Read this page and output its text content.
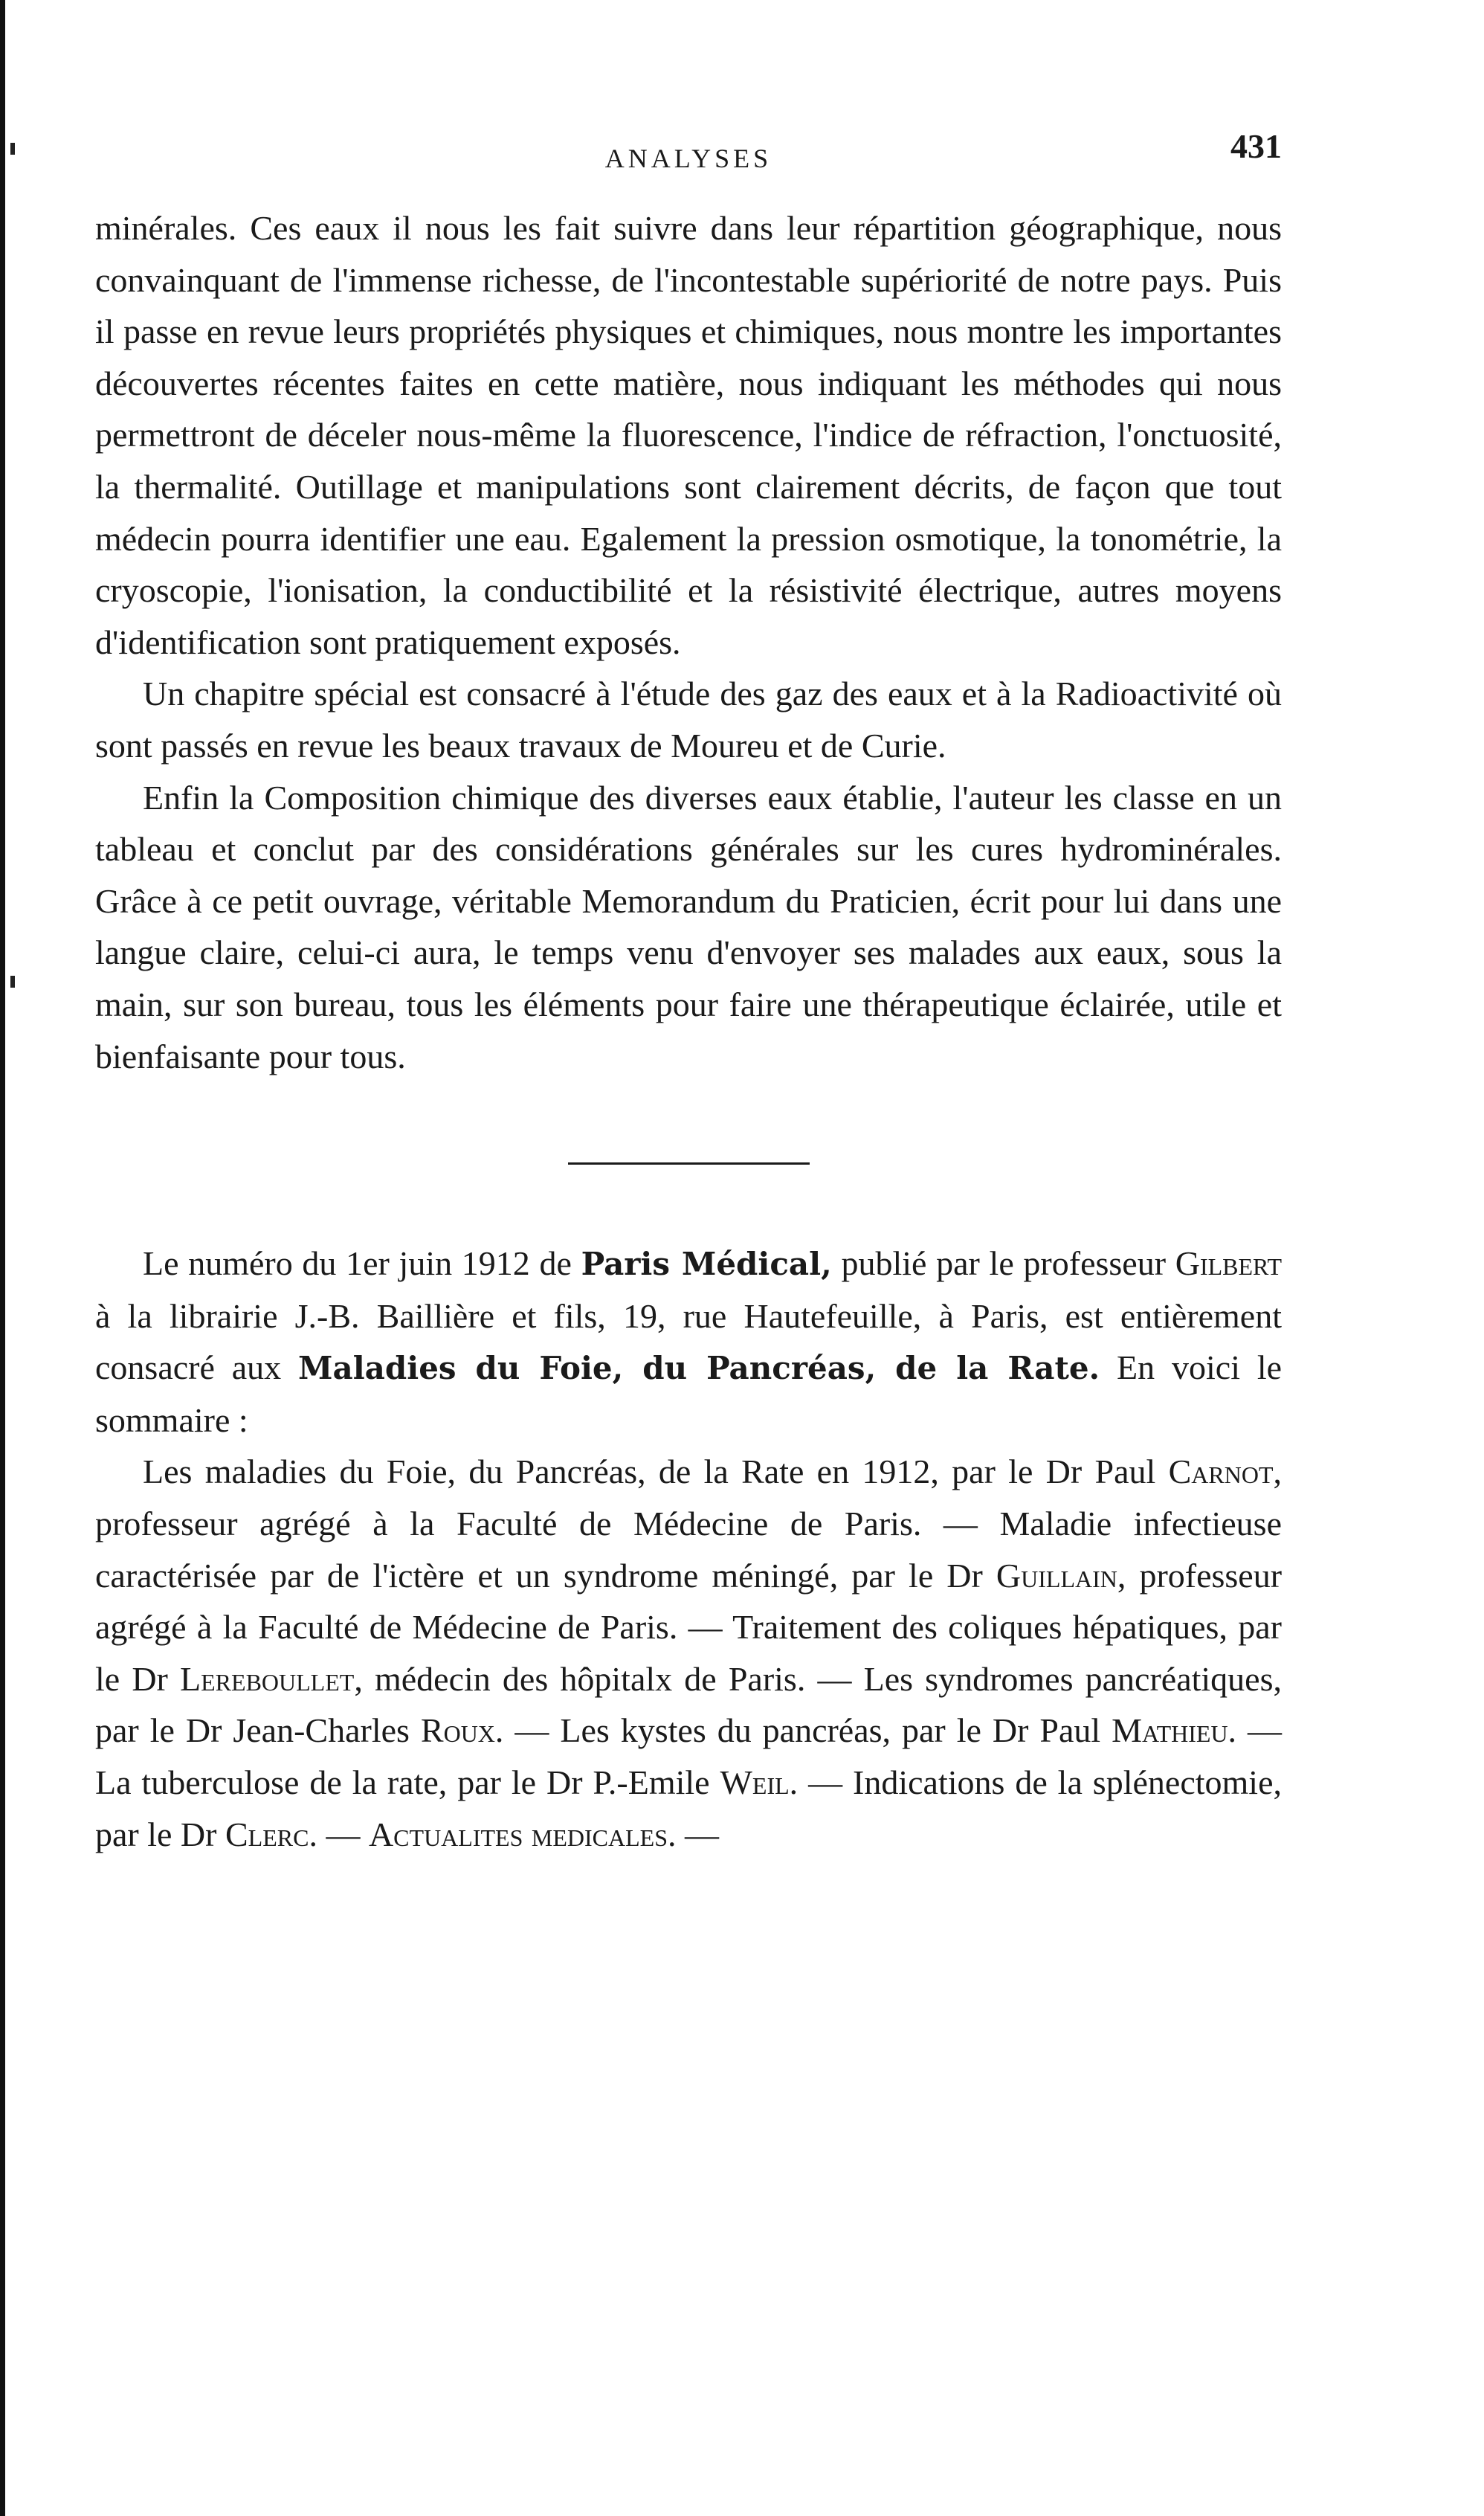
ANALYSES	431

minérales. Ces eaux il nous les fait suivre dans leur répartition géographique, nous convainquant de l'immense richesse, de l'incontestable supériorité de notre pays. Puis il passe en revue leurs propriétés physiques et chimiques, nous montre les importantes découvertes récentes faites en cette matière, nous indiquant les méthodes qui nous permettront de déceler nous-même la fluorescence, l'indice de réfraction, l'onctuosité, la thermalité. Outillage et manipulations sont clairement décrits, de façon que tout médecin pourra identifier une eau. Egalement la pression osmotique, la tonométrie, la cryoscopie, l'ionisation, la conductibilité et la résistivité électrique, autres moyens d'identification sont pratiquement exposés.

Un chapitre spécial est consacré à l'étude des gaz des eaux et à la Radioactivité où sont passés en revue les beaux travaux de Moureu et de Curie.

Enfin la Composition chimique des diverses eaux établie, l'auteur les classe en un tableau et conclut par des considérations générales sur les cures hydrominérales. Grâce à ce petit ouvrage, véritable Memorandum du Praticien, écrit pour lui dans une langue claire, celui-ci aura, le temps venu d'envoyer ses malades aux eaux, sous la main, sur son bureau, tous les éléments pour faire une thérapeutique éclairée, utile et bienfaisante pour tous.

Le numéro du 1er juin 1912 de Paris Médical, publié par le professeur Gilbert à la librairie J.-B. Baillière et fils, 19, rue Hautefeuille, à Paris, est entièrement consacré aux Maladies du Foie, du Pancréas, de la Rate. En voici le sommaire :

Les maladies du Foie, du Pancréas, de la Rate en 1912, par le Dr Paul Carnot, professeur agrégé à la Faculté de Médecine de Paris. — Maladie infectieuse caractérisée par de l'ictère et un syndrome méningé, par le Dr Guillain, professeur agrégé à la Faculté de Médecine de Paris. — Traitement des coliques hépatiques, par le Dr Lereboullet, médecin des hôpitalx de Paris. — Les syndromes pancréatiques, par le Dr Jean-Charles Roux. — Les kystes du pancréas, par le Dr Paul Mathieu. — La tuberculose de la rate, par le Dr P.-Emile Weil. — Indications de la splénectomie, par le Dr Clerc. — Actualites medicales. —
